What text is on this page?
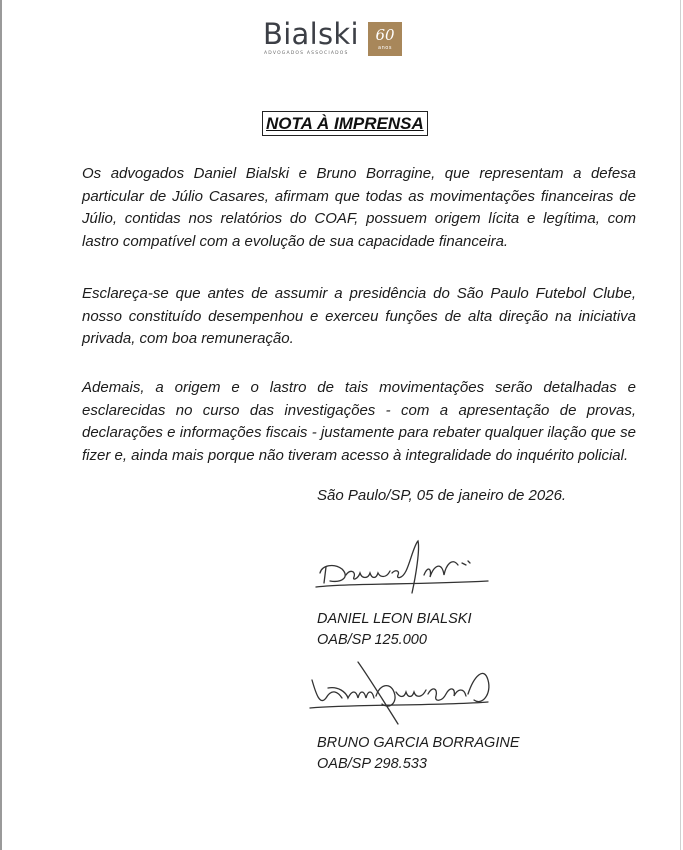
Bialski
ADVOGADOS ASSOCIADOS
60
anos
NOTA À IMPRENSA

Os advogados Daniel Bialski e Bruno Borragine, que representam a defesa particular de Júlio Casares, afirmam que todas as movimentações financeiras de Júlio, contidas nos relatórios do COAF, possuem origem lícita e legítima, com lastro compatível com a evolução de sua capacidade financeira.

Esclareça-se que antes de assumir a presidência do São Paulo Futebol Clube, nosso constituído desempenhou e exerceu funções de alta direção na iniciativa privada, com boa remuneração.

Ademais, a origem e o lastro de tais movimentações serão detalhadas e esclarecidas no curso das investigações - com a apresentação de provas, declarações e informações fiscais - justamente para rebater qualquer ilação que se fizer e, ainda mais porque não tiveram acesso à integralidade do inquérito policial.

São Paulo/SP, 05 de janeiro de 2026.
DANIEL LEON BIALSKI
OAB/SP 125.000
BRUNO GARCIA BORRAGINE
OAB/SP 298.533
